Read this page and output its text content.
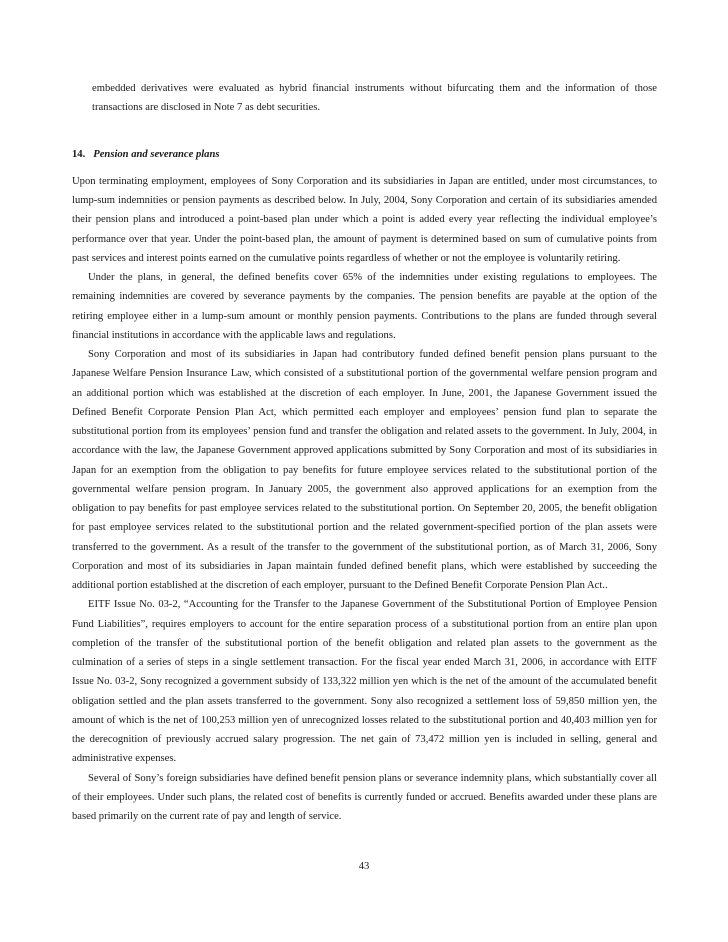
embedded derivatives were evaluated as hybrid financial instruments without bifurcating them and the information of those transactions are disclosed in Note 7 as debt securities.

14. Pension and severance plans

Upon terminating employment, employees of Sony Corporation and its subsidiaries in Japan are entitled, under most circumstances, to lump-sum indemnities or pension payments as described below. In July, 2004, Sony Corporation and certain of its subsidiaries amended their pension plans and introduced a point-based plan under which a point is added every year reflecting the individual employee’s performance over that year. Under the point-based plan, the amount of payment is determined based on sum of cumulative points from past services and interest points earned on the cumulative points regardless of whether or not the employee is voluntarily retiring.

Under the plans, in general, the defined benefits cover 65% of the indemnities under existing regulations to employees. The remaining indemnities are covered by severance payments by the companies. The pension benefits are payable at the option of the retiring employee either in a lump-sum amount or monthly pension payments. Contributions to the plans are funded through several financial institutions in accordance with the applicable laws and regulations.

Sony Corporation and most of its subsidiaries in Japan had contributory funded defined benefit pension plans pursuant to the Japanese Welfare Pension Insurance Law, which consisted of a substitutional portion of the governmental welfare pension program and an additional portion which was established at the discretion of each employer. In June, 2001, the Japanese Government issued the Defined Benefit Corporate Pension Plan Act, which permitted each employer and employees’ pension fund plan to separate the substitutional portion from its employees’ pension fund and transfer the obligation and related assets to the government. In July, 2004, in accordance with the law, the Japanese Government approved applications submitted by Sony Corporation and most of its subsidiaries in Japan for an exemption from the obligation to pay benefits for future employee services related to the substitutional portion of the governmental welfare pension program. In January 2005, the government also approved applications for an exemption from the obligation to pay benefits for past employee services related to the substitutional portion. On September 20, 2005, the benefit obligation for past employee services related to the substitutional portion and the related government-specified portion of the plan assets were transferred to the government. As a result of the transfer to the government of the substitutional portion, as of March 31, 2006, Sony Corporation and most of its subsidiaries in Japan maintain funded defined benefit plans, which were established by succeeding the additional portion established at the discretion of each employer, pursuant to the Defined Benefit Corporate Pension Plan Act..

EITF Issue No. 03-2, “Accounting for the Transfer to the Japanese Government of the Substitutional Portion of Employee Pension Fund Liabilities”, requires employers to account for the entire separation process of a substitutional portion from an entire plan upon completion of the transfer of the substitutional portion of the benefit obligation and related plan assets to the government as the culmination of a series of steps in a single settlement transaction. For the fiscal year ended March 31, 2006, in accordance with EITF Issue No. 03-2, Sony recognized a government subsidy of 133,322 million yen which is the net of the amount of the accumulated benefit obligation settled and the plan assets transferred to the government. Sony also recognized a settlement loss of 59,850 million yen, the amount of which is the net of 100,253 million yen of unrecognized losses related to the substitutional portion and 40,403 million yen for the derecognition of previously accrued salary progression. The net gain of 73,472 million yen is included in selling, general and administrative expenses.

Several of Sony’s foreign subsidiaries have defined benefit pension plans or severance indemnity plans, which substantially cover all of their employees. Under such plans, the related cost of benefits is currently funded or accrued. Benefits awarded under these plans are based primarily on the current rate of pay and length of service.

43
